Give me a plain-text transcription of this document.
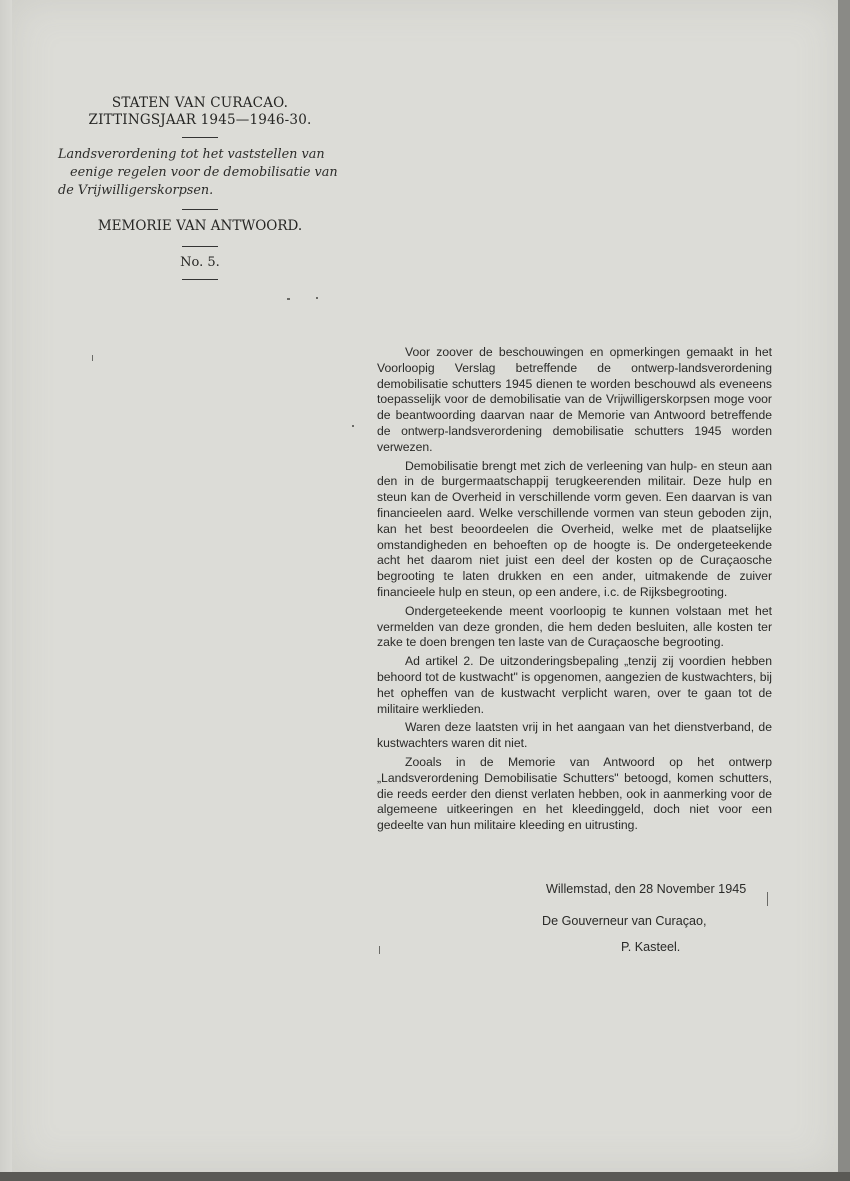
STATEN VAN CURACAO.
ZITTINGSJAAR 1945—1946-30.
Landsverordening tot het vaststellen van
eenige regelen voor de demobilisatie van
de Vrijwilligerskorpsen.
MEMORIE VAN ANTWOORD.
No. 5.

Voor zoover de beschouwingen en opmerkingen gemaakt in het Voorloopig Verslag betreffende de ontwerp-landsverordening demobilisatie schutters 1945 dienen te worden beschouwd als eveneens toepasselijk voor de demobilisatie van de Vrijwilligerskorpsen moge voor de beantwoording daarvan naar de Memorie van Antwoord betreffende de ontwerp-landsverordening demobilisatie schutters 1945 worden verwezen.

Demobilisatie brengt met zich de verleening van hulp- en steun aan den in de burgermaatschappij terugkeerenden militair. Deze hulp en steun kan de Overheid in verschillende vorm geven. Een daarvan is van financieelen aard. Welke verschillende vormen van steun geboden zijn, kan het best beoordeelen die Overheid, welke met de plaatselijke omstandigheden en behoeften op de hoogte is. De ondergeteekende acht het daarom niet juist een deel der kosten op de Curaçaosche begrooting te laten drukken en een ander, uitmakende de zuiver financieele hulp en steun, op een andere, i.c. de Rijksbegrooting.

Ondergeteekende meent voorloopig te kunnen volstaan met het vermelden van deze gronden, die hem deden besluiten, alle kosten ter zake te doen brengen ten laste van de Curaçaosche begrooting.

Ad artikel 2. De uitzonderingsbepaling „tenzij zij voordien hebben behoord tot de kustwacht" is opgenomen, aangezien de kustwachters, bij het opheffen van de kustwacht verplicht waren, over te gaan tot de militaire werklieden.

Waren deze laatsten vrij in het aangaan van het dienstverband, de kustwachters waren dit niet.

Zooals in de Memorie van Antwoord op het ontwerp „Landsverordening Demobilisatie Schutters" betoogd, komen schutters, die reeds eerder den dienst verlaten hebben, ook in aanmerking voor de algemeene uitkeeringen en het kleedinggeld, doch niet voor een gedeelte van hun militaire kleeding en uitrusting.

Willemstad, den 28 November 1945
De Gouverneur van Curaçao,
P. Kasteel.
